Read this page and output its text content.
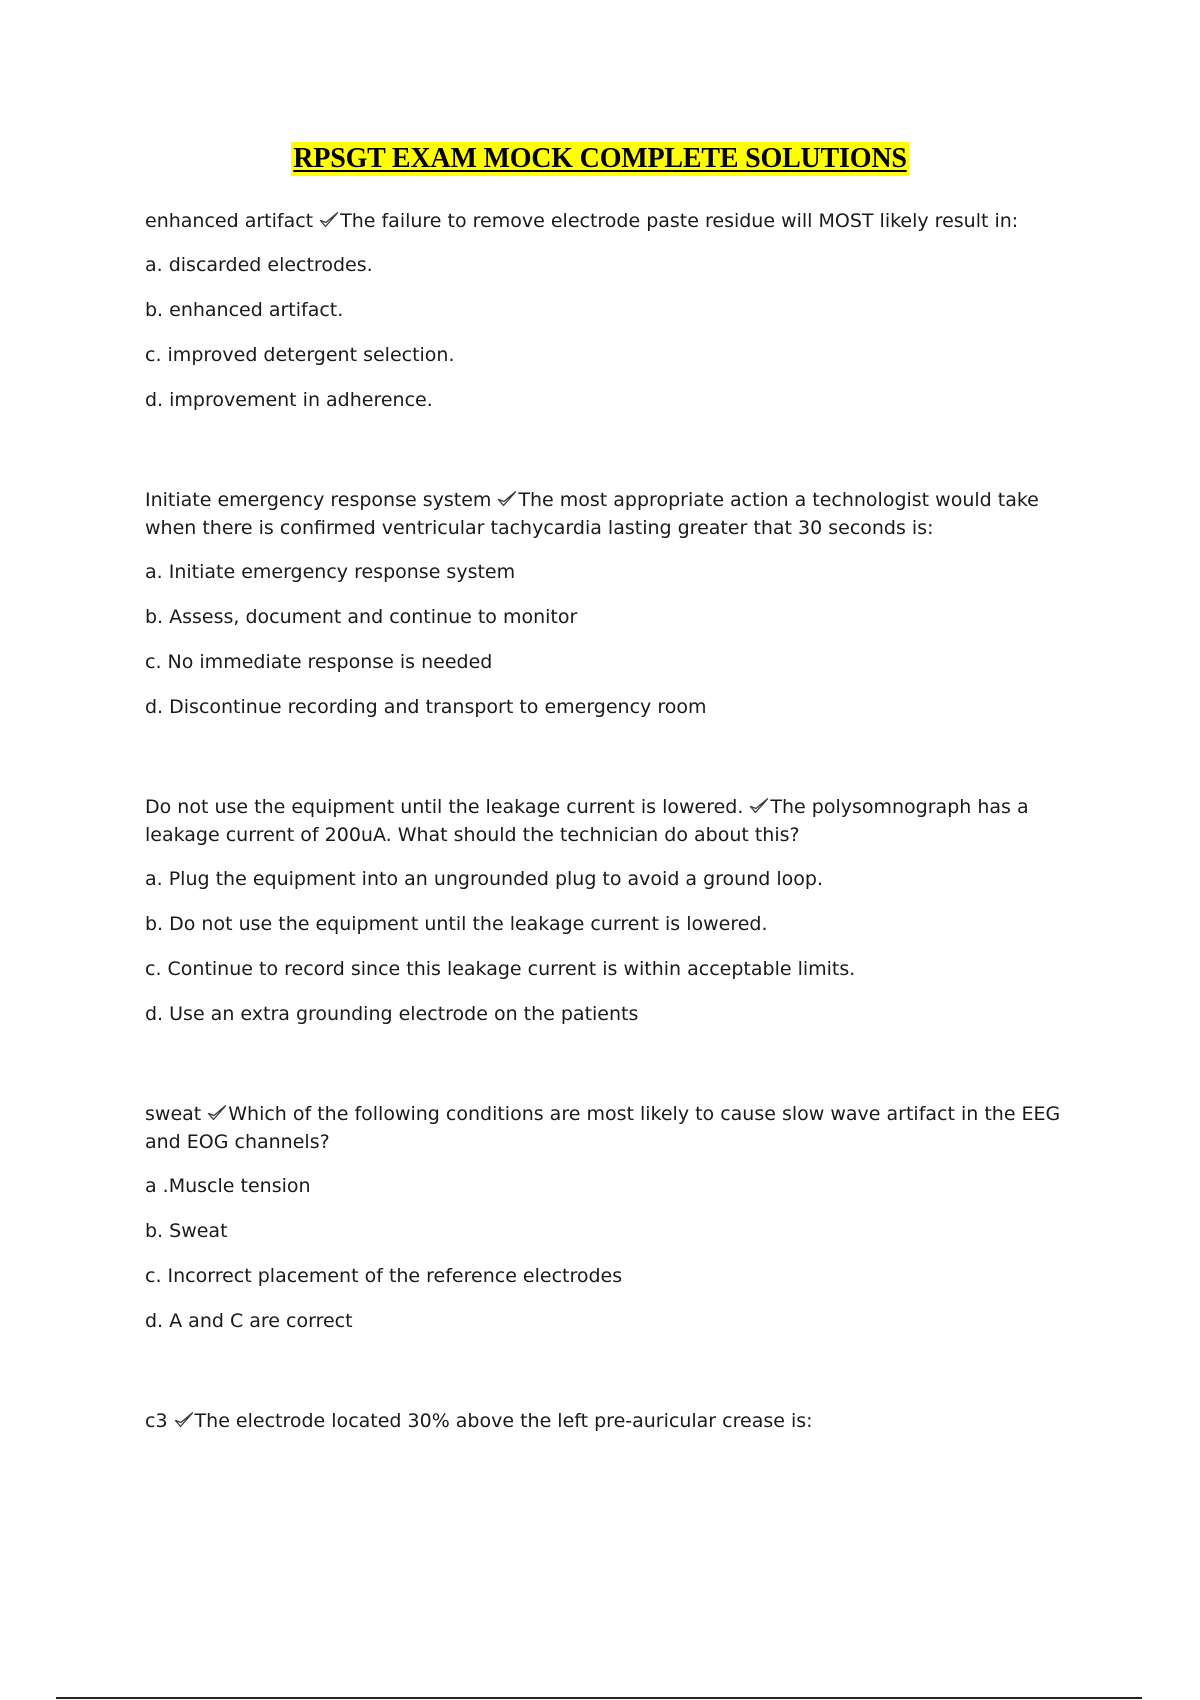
RPSGT EXAM MOCK COMPLETE SOLUTIONS
enhanced artifact The failure to remove electrode paste residue will MOST likely result in:
a. discarded electrodes.
b. enhanced artifact.
c. improved detergent selection.
d. improvement in adherence.
Initiate emergency response system The most appropriate action a technologist would take when there is confirmed ventricular tachycardia lasting greater that 30 seconds is:
a. Initiate emergency response system
b. Assess, document and continue to monitor
c. No immediate response is needed
d. Discontinue recording and transport to emergency room
Do not use the equipment until the leakage current is lowered. The polysomnograph has a leakage current of 200uA. What should the technician do about this?
a. Plug the equipment into an ungrounded plug to avoid a ground loop.
b. Do not use the equipment until the leakage current is lowered.
c. Continue to record since this leakage current is within acceptable limits.
d. Use an extra grounding electrode on the patients
sweat Which of the following conditions are most likely to cause slow wave artifact in the EEG and EOG channels?
a .Muscle tension
b. Sweat
c. Incorrect placement of the reference electrodes
d. A and C are correct
c3 The electrode located 30% above the left pre-auricular crease is:
